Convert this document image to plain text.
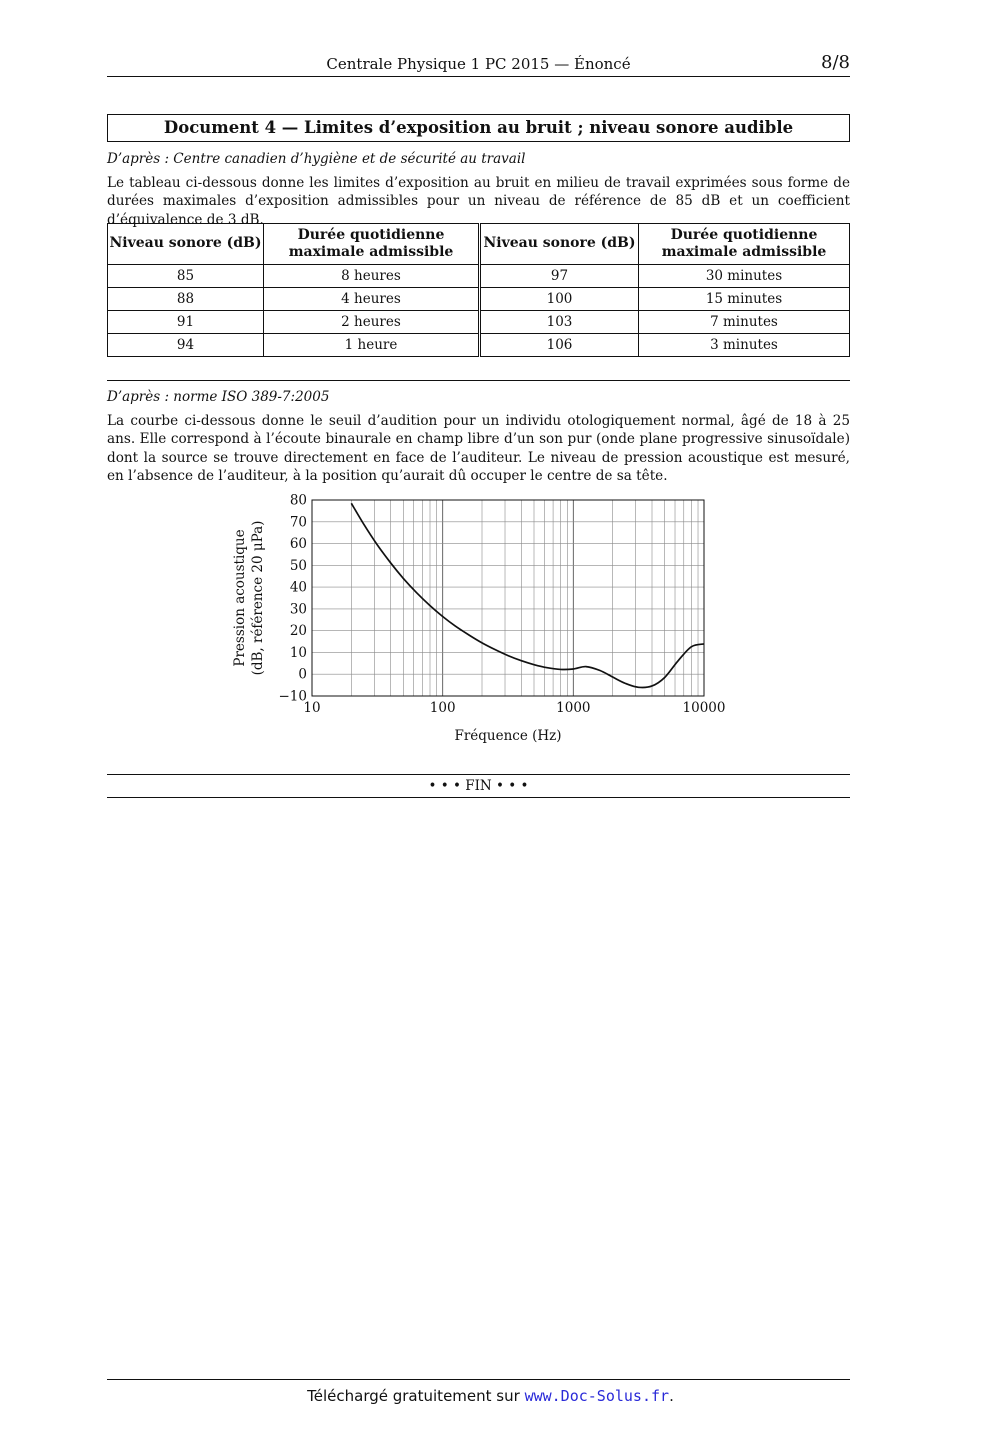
Centrale Physique 1 PC 2015 — Énoncé	8/8
Document 4 — Limites d’exposition au bruit ; niveau sonore audible
D’après : Centre canadien d’hygiène et de sécurité au travail
Le tableau ci-dessous donne les limites d’exposition au bruit en milieu de travail exprimées sous forme de durées maximales d’exposition admissibles pour un niveau de référence de 85 dB et un coefficient d’équivalence de 3 dB.
Niveau sonore (dB)	Durée quotidienne maximale admissible	Niveau sonore (dB)	Durée quotidienne maximale admissible
85	8 heures	97	30 minutes
88	4 heures	100	15 minutes
91	2 heures	103	7 minutes
94	1 heure	106	3 minutes
D’après : norme ISO 389-7:2005
La courbe ci-dessous donne le seuil d’audition pour un individu otologiquement normal, âgé de 18 à 25 ans. Elle correspond à l’écoute binaurale en champ libre d’un son pur (onde plane progressive sinusoïdale) dont la source se trouve directement en face de l’auditeur. Le niveau de pression acoustique est mesuré, en l’absence de l’auditeur, à la position qu’aurait dû occuper le centre de sa tête.
80
70
60
50
40
30
20
10
0
−10
10	100	1000	10000
Fréquence (Hz)
Pression acoustique (dB, référence 20 μPa)
• • • FIN • • •
Téléchargé gratuitement sur www.Doc-Solus.fr.
